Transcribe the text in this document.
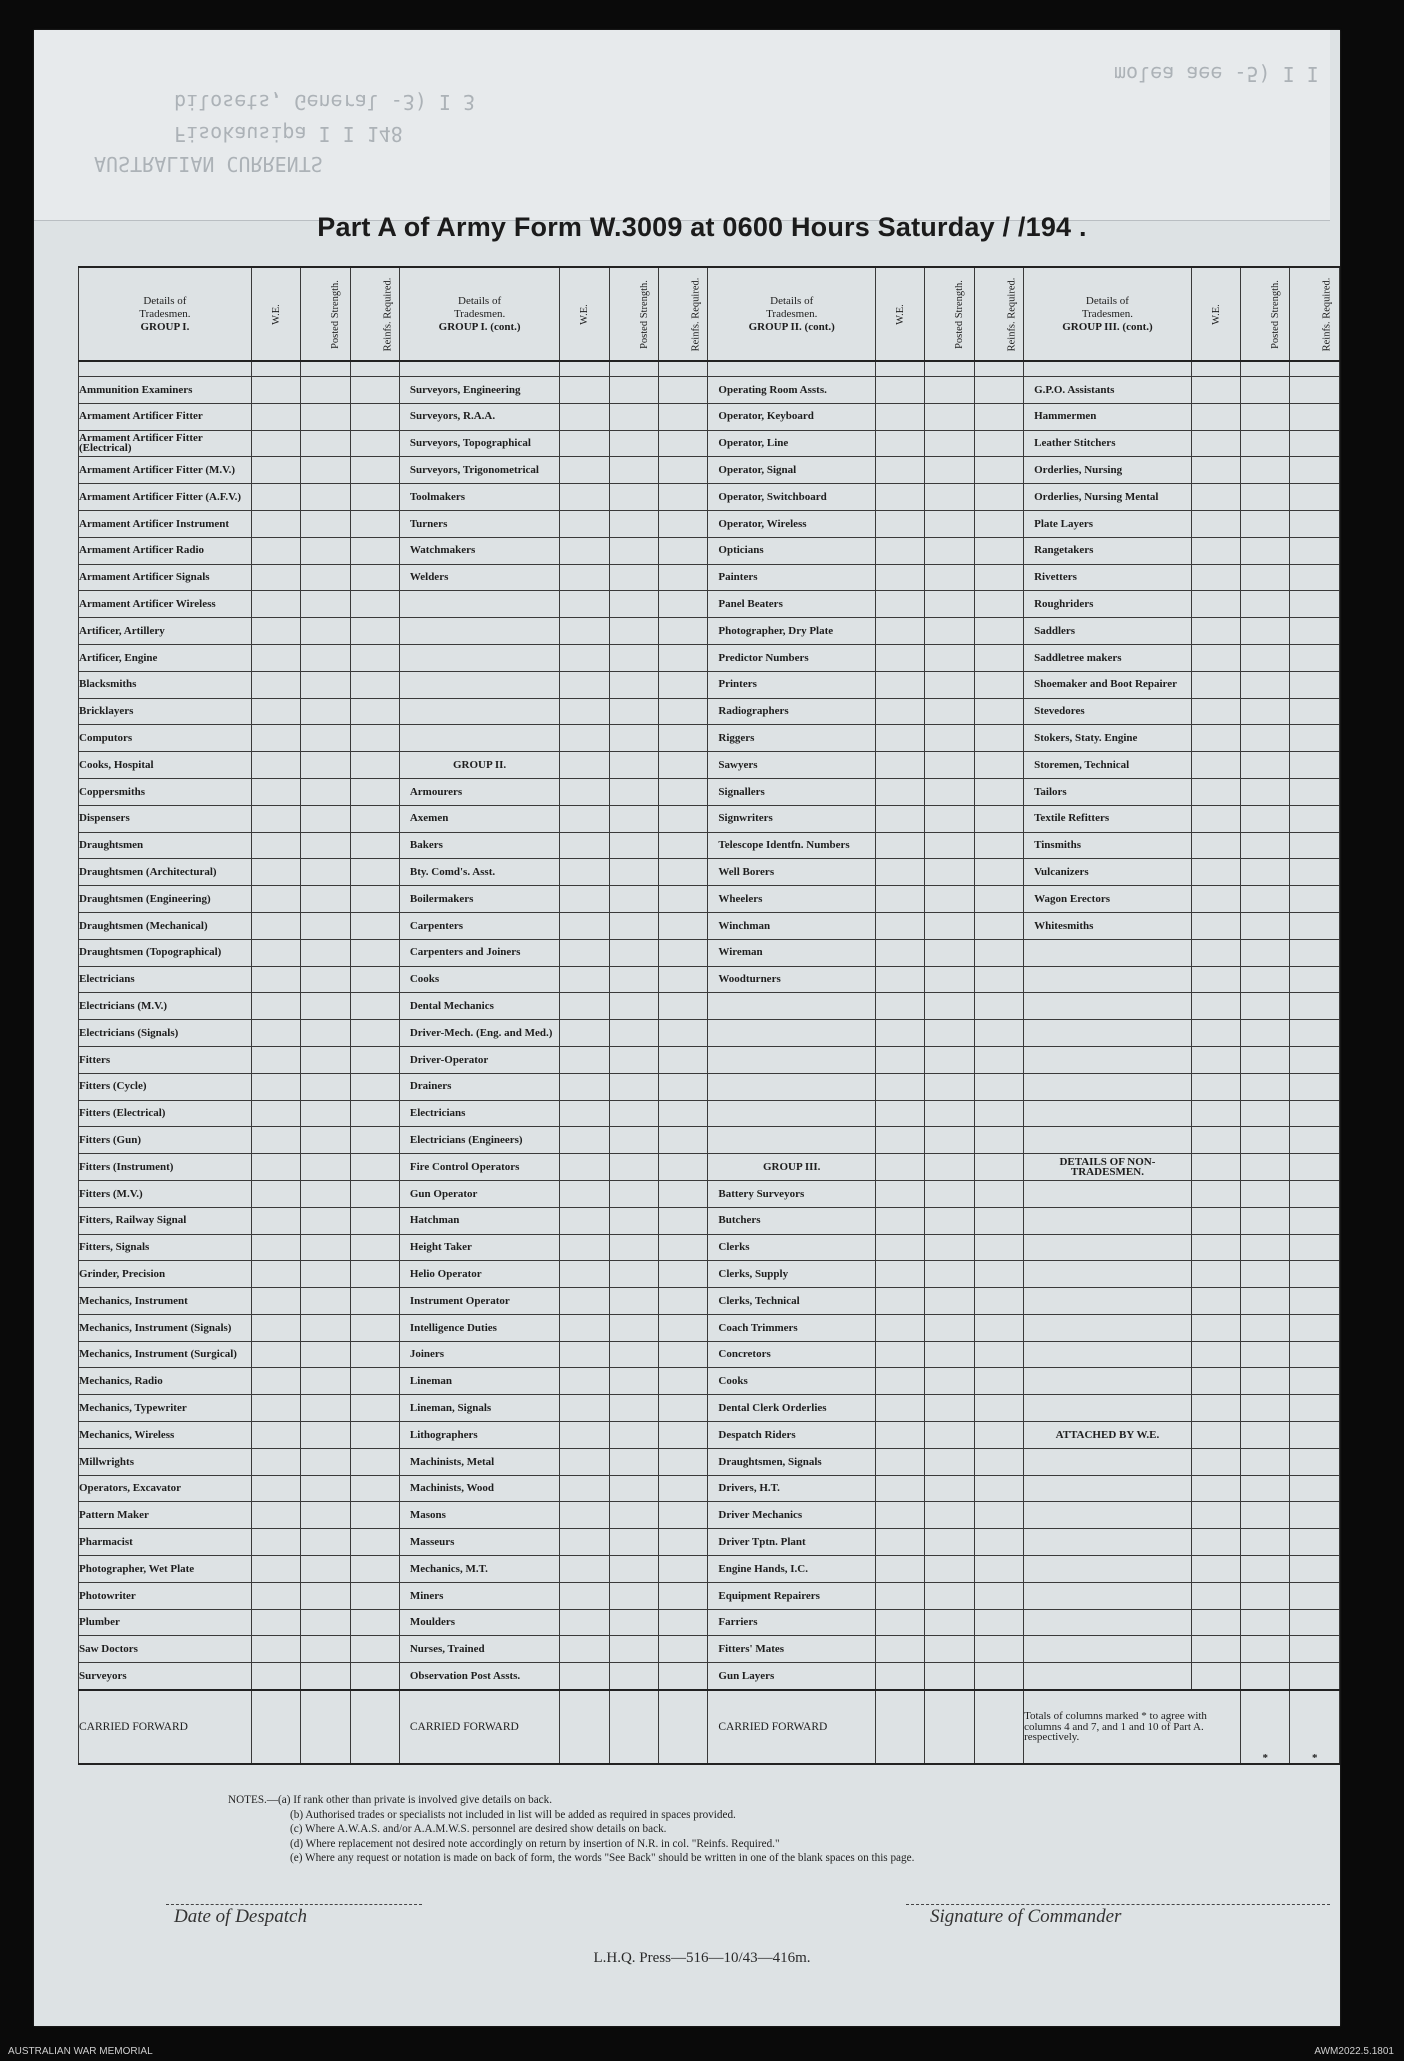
molea aee -5) I I
bilosets, General -3) I 3
Fisokausipa I I 148
AUSTRALIAN CURRENTS
Part A of Army Form W.3009 at 0600 Hours Saturday / /194 .
Details of
Tradesmen.
GROUP I.	W.E.	Posted Strength.	Reinfs. Required.	Details of
Tradesmen.
GROUP I. (cont.)	W.E.	Posted Strength.	Reinfs. Required.	Details of
Tradesmen.
GROUP II. (cont.)	W.E.	Posted Strength.	Reinfs. Required.	Details of
Tradesmen.
GROUP III. (cont.)	W.E.	Posted Strength.	Reinfs. Required.

Ammunition Examiners				Surveyors, Engineering				Operating Room Assts.				G.P.O. Assistants			
Armament Artificer Fitter				Surveyors, R.A.A.				Operator, Keyboard				Hammermen			
Armament Artificer Fitter (Electrical)				Surveyors, Topographical				Operator, Line				Leather Stitchers			
Armament Artificer Fitter (M.V.)				Surveyors, Trigonometrical				Operator, Signal				Orderlies, Nursing			
Armament Artificer Fitter (A.F.V.)				Toolmakers				Operator, Switchboard				Orderlies, Nursing Mental			
Armament Artificer Instrument				Turners				Operator, Wireless				Plate Layers			
Armament Artificer Radio				Watchmakers				Opticians				Rangetakers			
Armament Artificer Signals				Welders				Painters				Rivetters			
Armament Artificer Wireless								Panel Beaters				Roughriders			
Artificer, Artillery								Photographer, Dry Plate				Saddlers			
Artificer, Engine								Predictor Numbers				Saddletree makers			
Blacksmiths								Printers				Shoemaker and Boot Repairer			
Bricklayers								Radiographers				Stevedores			
Computors								Riggers				Stokers, Staty. Engine			
Cooks, Hospital				GROUP II.				Sawyers				Storemen, Technical			
Coppersmiths				Armourers				Signallers				Tailors			
Dispensers				Axemen				Signwriters				Textile Refitters			
Draughtsmen				Bakers				Telescope Identfn. Numbers				Tinsmiths			
Draughtsmen (Architectural)				Bty. Comd's. Asst.				Well Borers				Vulcanizers			
Draughtsmen (Engineering)				Boilermakers				Wheelers				Wagon Erectors			
Draughtsmen (Mechanical)				Carpenters				Winchman				Whitesmiths			
Draughtsmen (Topographical)				Carpenters and Joiners				Wireman							
Electricians				Cooks				Woodturners							
Electricians (M.V.)				Dental Mechanics											
Electricians (Signals)				Driver-Mech. (Eng. and Med.)											
Fitters				Driver-Operator											
Fitters (Cycle)				Drainers											
Fitters (Electrical)				Electricians											
Fitters (Gun)				Electricians (Engineers)											
Fitters (Instrument)				Fire Control Operators				GROUP III.				DETAILS OF NON-TRADESMEN.			
Fitters (M.V.)				Gun Operator				Battery Surveyors							
Fitters, Railway Signal				Hatchman				Butchers							
Fitters, Signals				Height Taker				Clerks							
Grinder, Precision				Helio Operator				Clerks, Supply							
Mechanics, Instrument				Instrument Operator				Clerks, Technical							
Mechanics, Instrument (Signals)				Intelligence Duties				Coach Trimmers							
Mechanics, Instrument (Surgical)				Joiners				Concretors							
Mechanics, Radio				Lineman				Cooks							
Mechanics, Typewriter				Lineman, Signals				Dental Clerk Orderlies							
Mechanics, Wireless				Lithographers				Despatch Riders				ATTACHED BY W.E.			
Millwrights				Machinists, Metal				Draughtsmen, Signals							
Operators, Excavator				Machinists, Wood				Drivers, H.T.							
Pattern Maker				Masons				Driver Mechanics							
Pharmacist				Masseurs				Driver Tptn. Plant							
Photographer, Wet Plate				Mechanics, M.T.				Engine Hands, I.C.							
Photowriter				Miners				Equipment Repairers							
Plumber				Moulders				Farriers							
Saw Doctors				Nurses, Trained				Fitters' Mates							
Surveyors				Observation Post Assts.				Gun Layers							
CARRIED FORWARD				CARRIED FORWARD				CARRIED FORWARD				Totals of columns marked * to agree with columns 4 and 7, and 1 and 10 of Part A. respectively.		*	*
NOTES.—(a) If rank other than private is involved give details on back.
(b) Authorised trades or specialists not included in list will be added as required in spaces provided.
(c) Where A.W.A.S. and/or A.A.M.W.S. personnel are desired show details on back.
(d) Where replacement not desired note accordingly on return by insertion of N.R. in col. "Reinfs. Required."
(e) Where any request or notation is made on back of form, the words "See Back" should be written in one of the blank spaces on this page.
Date of Despatch	Signature of Commander
L.H.Q. Press—516—10/43—416m.
AUSTRALIAN WAR MEMORIAL	AWM2022.5.1801
